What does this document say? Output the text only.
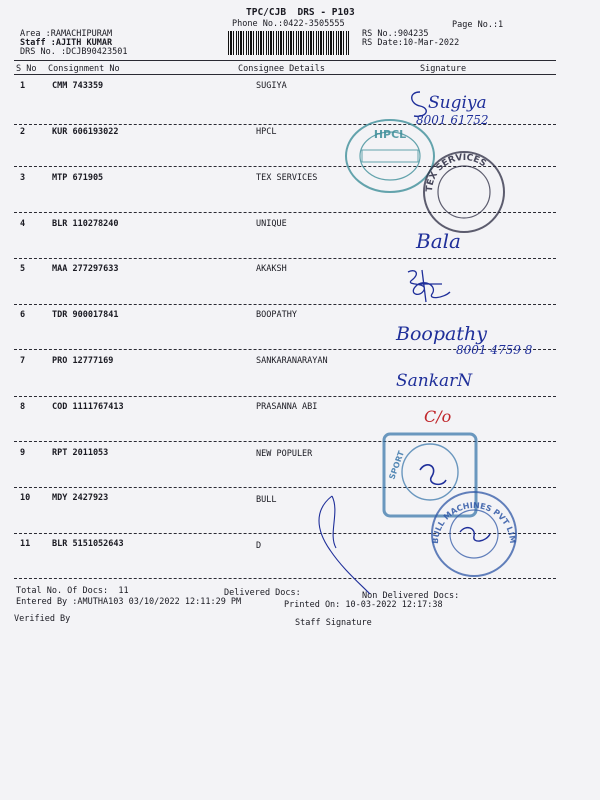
TPC/CJB  DRS - P103
Phone No.:0422-3505555	Page No.:1
Area :RAMACHIPURAM
Staff :AJITH KUMAR
DRS No. :DCJB90423501
RS No.:904235
RS Date:10-Mar-2022
S No Consignment No	Consignee Details	Signature
1	CMM 743359	SUGIYA
2	KUR 606193022	HPCL
3	MTP 671905	TEX SERVICES
4	BLR 110278240	UNIQUE
5	MAA 277297633	AKAKSH
6	TDR 900017841	BOOPATHY
7	PRO 12777169	SANKARANARAYAN
8	COD 1111767413	PRASANNA ABI
9	RPT 2011053	NEW POPULER
10	MDY 2427923	BULL
11	BLR 5151052643	D
Total No. Of Docs:  11	Delivered Docs:	Non Delivered Docs:
Entered By :AMUTHA103 03/10/2022 12:11:29 PM	Printed On: 10-03-2022 12:17:38
Verified By	Staff Signature
Sugiya
8001 61752
Bala
Boopathy
8001 4759 8
SankarN
C/o
HPCL
TEX SERVICES
SPORT
BULL MACHINES PVT LIMITED
